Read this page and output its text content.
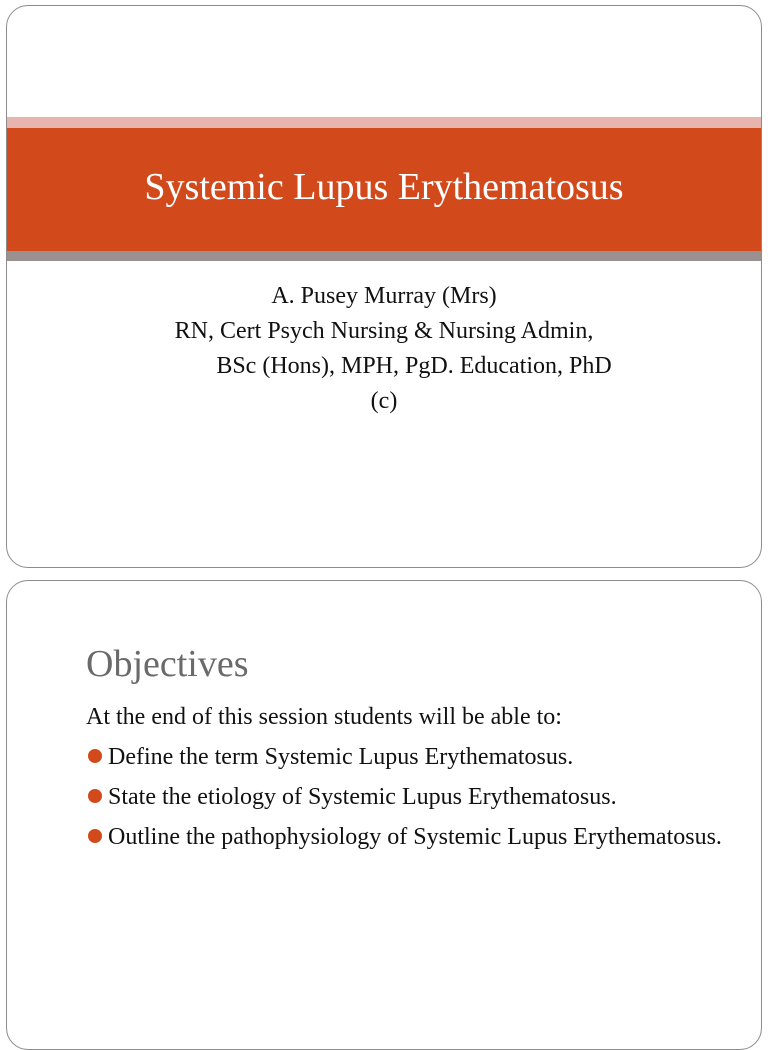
Systemic Lupus Erythematosus
A. Pusey Murray (Mrs)
RN, Cert Psych Nursing & Nursing Admin,
BSc (Hons), MPH, PgD. Education, PhD
(c)
Objectives
At the end of this session students will be able to:
Define the term Systemic Lupus Erythematosus.
State the etiology of Systemic Lupus Erythematosus.
Outline the pathophysiology of Systemic Lupus Erythematosus.
